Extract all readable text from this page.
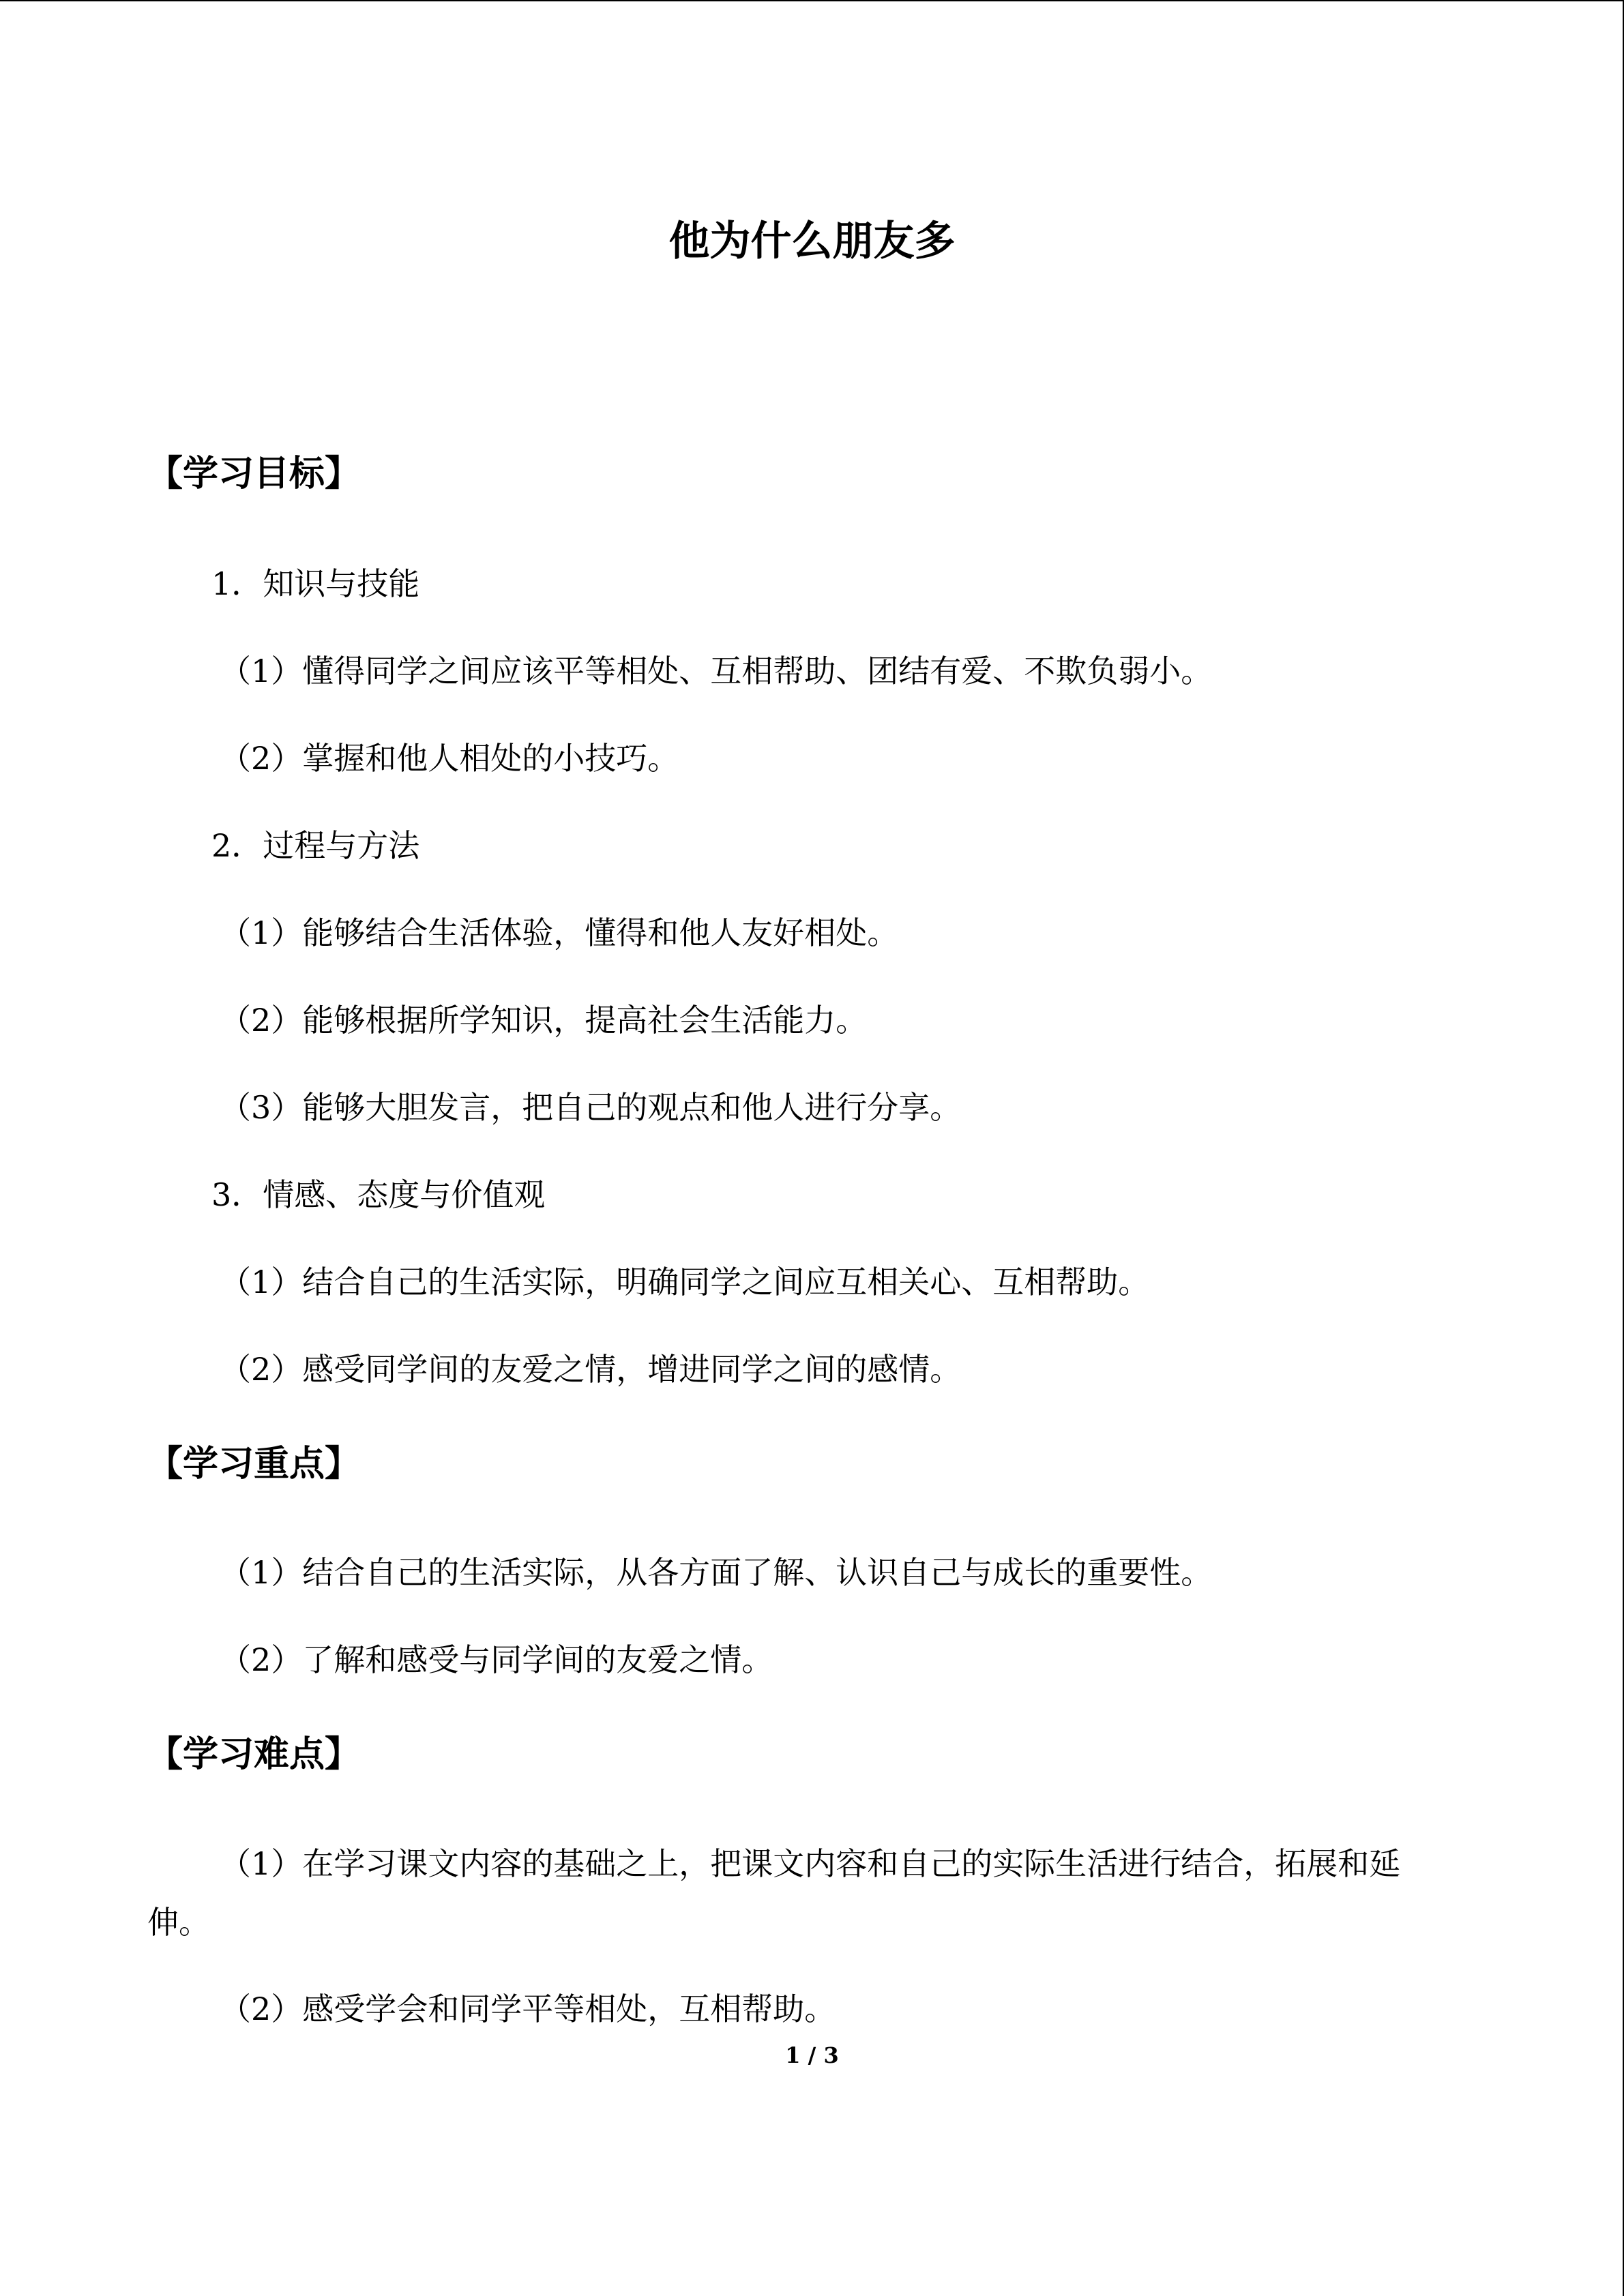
他为什么朋友多
【学习目标】

1．知识与技能

（1）懂得同学之间应该平等相处、互相帮助、团结有爱、不欺负弱小。

（2）掌握和他人相处的小技巧。

2．过程与方法

（1）能够结合生活体验，懂得和他人友好相处。

（2）能够根据所学知识，提高社会生活能力。

（3）能够大胆发言，把自己的观点和他人进行分享。

3．情感、态度与价值观

（1）结合自己的生活实际，明确同学之间应互相关心、互相帮助。

（2）感受同学间的友爱之情，增进同学之间的感情。

【学习重点】

（1）结合自己的生活实际，从各方面了解、认识自己与成长的重要性。

（2）了解和感受与同学间的友爱之情。

【学习难点】

（1）在学习课文内容的基础之上，把课文内容和自己的实际生活进行结合，拓展和延伸。

（2）感受学会和同学平等相处，互相帮助。

1 / 3
